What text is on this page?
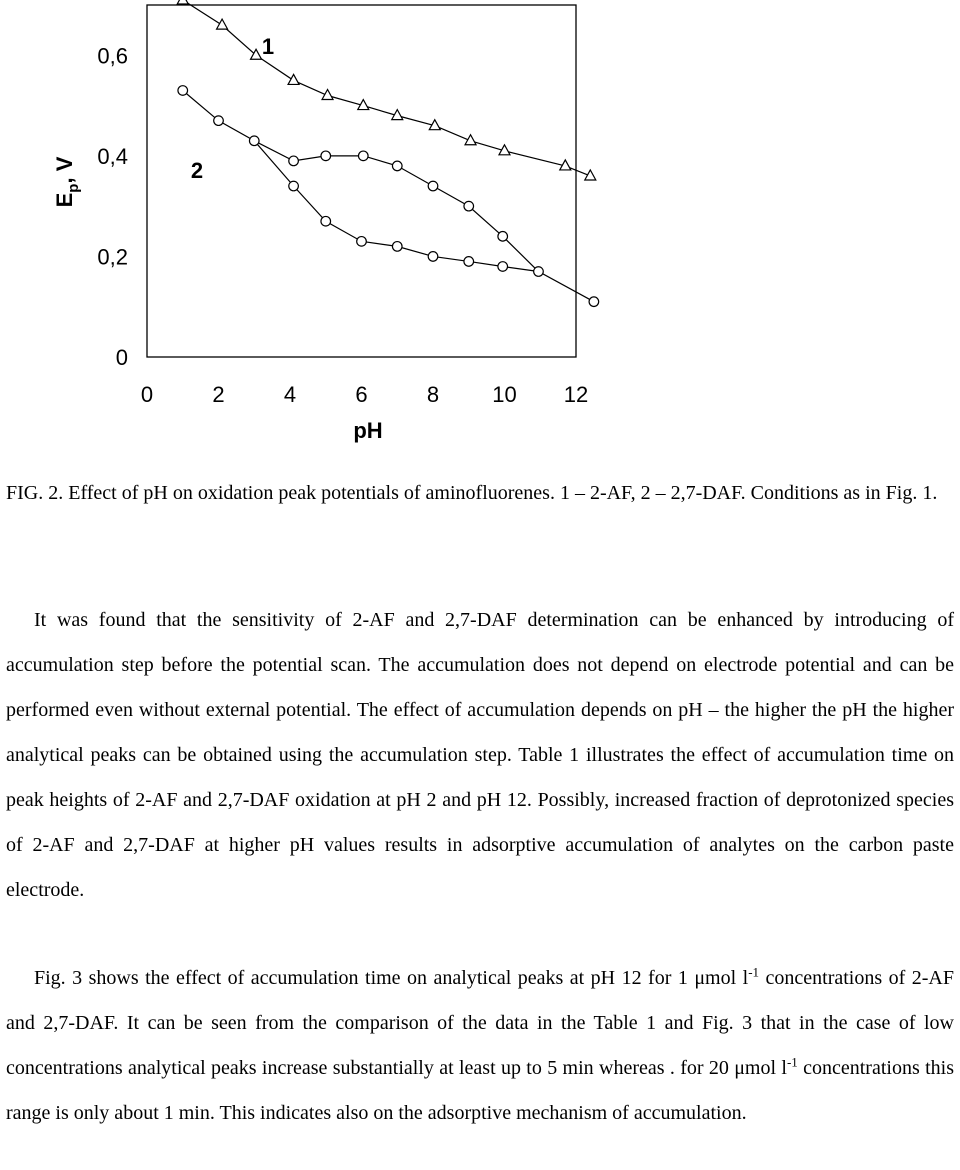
0	2	4	6	8 10 12
0
0,2
0,4
0,6
pH
$E_p$, V
1
2

FIG. 2. Effect of pH on oxidation peak potentials of aminofluorenes. 1 – 2-AF, 2 – 2,7-DAF. Conditions as in Fig. 1.

It was found that the sensitivity of 2-AF and 2,7-DAF determination can be enhanced by introducing of accumulation step before the potential scan. The accumulation does not depend on electrode potential and can be performed even without external potential. The effect of accumulation depends on pH – the higher the pH the higher analytical peaks can be obtained using the accumulation step. Table 1 illustrates the effect of accumulation time on peak heights of 2-AF and 2,7-DAF oxidation at pH 2 and pH 12. Possibly, increased fraction of deprotonized species of 2-AF and 2,7-DAF at higher pH values results in adsorptive accumulation of analytes on the carbon paste electrode.

Fig. 3 shows the effect of accumulation time on analytical peaks at pH 12 for 1 μmol $l^{-1}$ concentrations of 2-AF and 2,7-DAF. It can be seen from the comparison of the data in the Table 1 and Fig. 3 that in the case of low concentrations analytical peaks increase substantially at least up to 5 min whereas . for 20 μmol $l^{-1}$ concentrations this range is only about 1 min. This indicates also on the adsorptive mechanism of accumulation.
